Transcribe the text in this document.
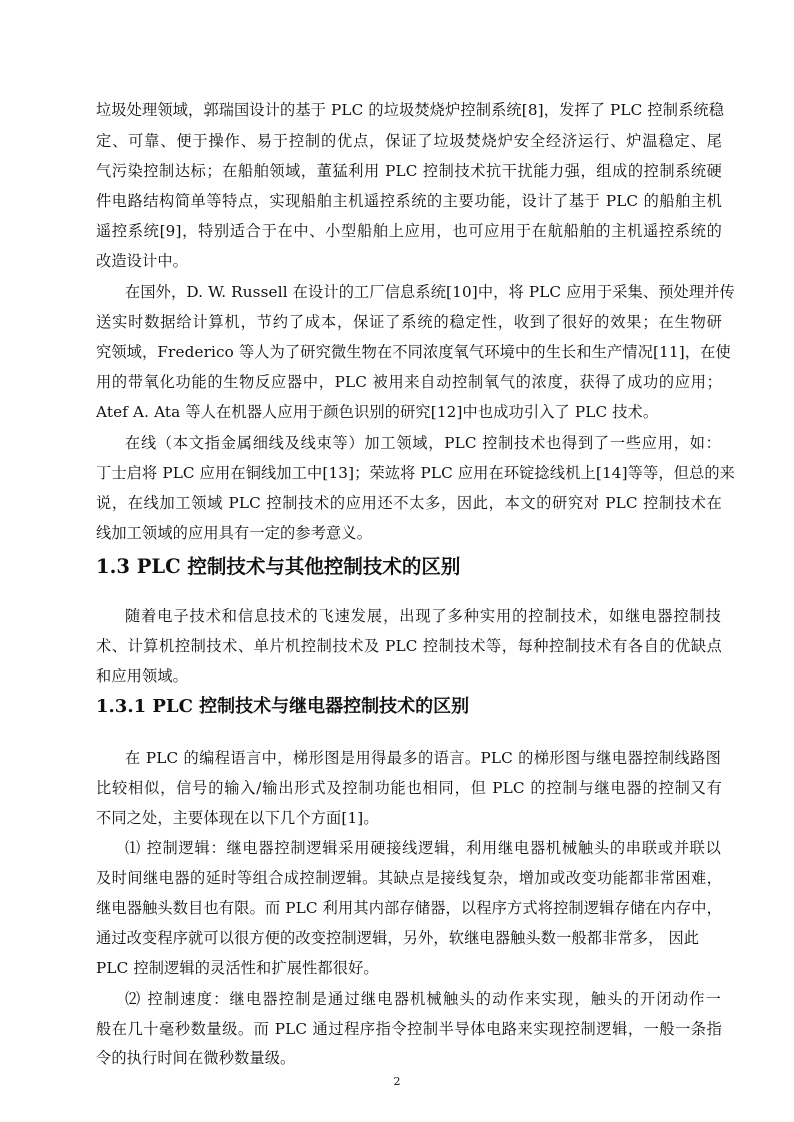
垃圾处理领域，郭瑞国设计的基于 PLC 的垃圾焚烧炉控制系统[8]，发挥了 PLC 控制系统稳
定、可靠、便于操作、易于控制的优点，保证了垃圾焚烧炉安全经济运行、炉温稳定、尾
气污染控制达标；在船舶领域，董猛利用 PLC 控制技术抗干扰能力强，组成的控制系统硬
件电路结构简单等特点，实现船舶主机遥控系统的主要功能，设计了基于 PLC 的船舶主机
遥控系统[9]，特别适合于在中、小型船舶上应用，也可应用于在航船舶的主机遥控系统的
改造设计中。
在国外，D. W. Russell 在设计的工厂信息系统[10]中，将 PLC 应用于采集、预处理并传
送实时数据给计算机，节约了成本，保证了系统的稳定性，收到了很好的效果；在生物研
究领域，Frederico 等人为了研究微生物在不同浓度氧气环境中的生长和生产情况[11]，在使
用的带氧化功能的生物反应器中，PLC 被用来自动控制氧气的浓度，获得了成功的应用；
Atef A. Ata 等人在机器人应用于颜色识别的研究[12]中也成功引入了 PLC 技术。
在线（本文指金属细线及线束等）加工领域，PLC 控制技术也得到了一些应用，如：
丁士启将 PLC 应用在铜线加工中[13]；荣竑将 PLC 应用在环锭捻线机上[14]等等，但总的来
说，在线加工领域 PLC 控制技术的应用还不太多，因此，本文的研究对 PLC 控制技术在
线加工领域的应用具有一定的参考意义。
1.3 PLC 控制技术与其他控制技术的区别
随着电子技术和信息技术的飞速发展，出现了多种实用的控制技术，如继电器控制技
术、计算机控制技术、单片机控制技术及 PLC 控制技术等，每种控制技术有各自的优缺点
和应用领域。
1.3.1 PLC 控制技术与继电器控制技术的区别
在 PLC 的编程语言中，梯形图是用得最多的语言。PLC 的梯形图与继电器控制线路图
比较相似，信号的输入/输出形式及控制功能也相同，但 PLC 的控制与继电器的控制又有
不同之处，主要体现在以下几个方面[1]。
⑴ 控制逻辑：继电器控制逻辑采用硬接线逻辑，利用继电器机械触头的串联或并联以
及时间继电器的延时等组合成控制逻辑。其缺点是接线复杂，增加或改变功能都非常困难，
继电器触头数目也有限。而 PLC 利用其内部存储器，以程序方式将控制逻辑存储在内存中，
通过改变程序就可以很方便的改变控制逻辑，另外，软继电器触头数一般都非常多， 因此
PLC 控制逻辑的灵活性和扩展性都很好。
⑵ 控制速度：继电器控制是通过继电器机械触头的动作来实现，触头的开闭动作一
般在几十毫秒数量级。而 PLC 通过程序指令控制半导体电路来实现控制逻辑，一般一条指
令的执行时间在微秒数量级。
2
